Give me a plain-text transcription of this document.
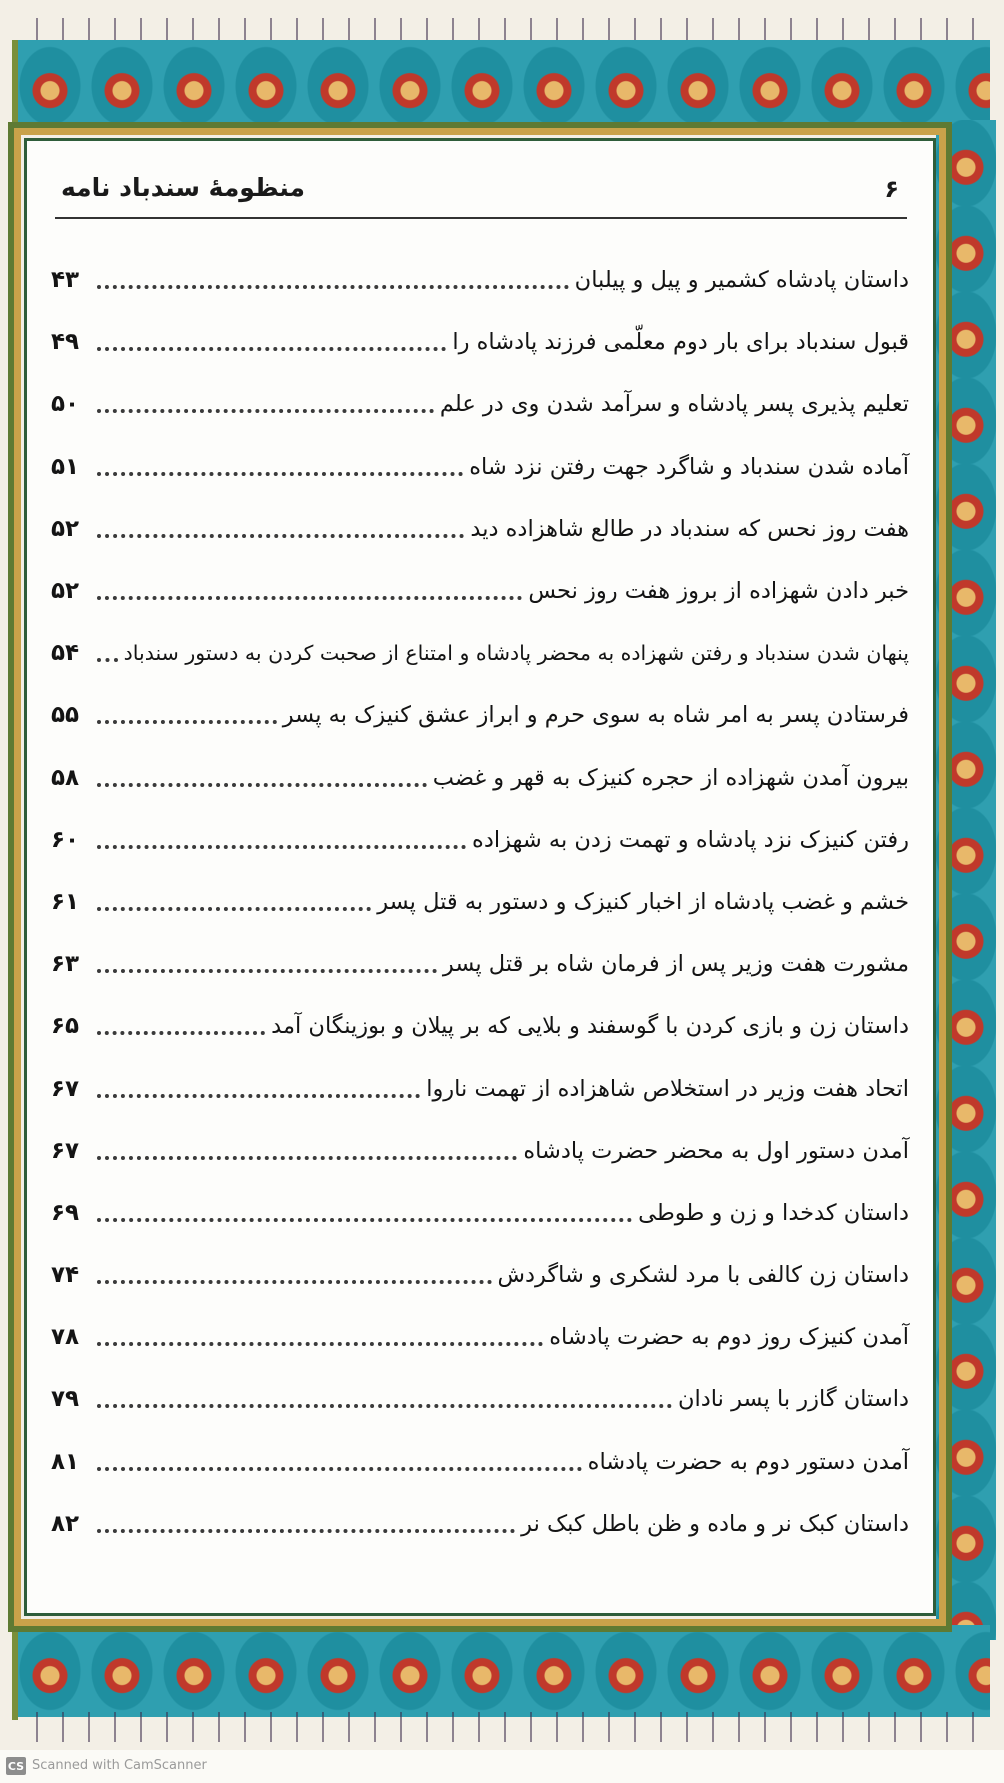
۶
منظومهٔ سندباد نامه
داستان پادشاه کشمیر و پیل و پیلبان
۴۳
قبول سندباد برای بار دوم معلّمی فرزند پادشاه را
۴۹
تعلیم پذیری پسر پادشاه و سرآمد شدن وی در علم
۵۰
آماده شدن سندباد و شاگرد جهت رفتن نزد شاه
۵۱
هفت روز نحس که سندباد در طالع شاهزاده دید
۵۲
خبر دادن شهزاده از بروز هفت روز نحس
۵۲
پنهان شدن سندباد و رفتن شهزاده به محضر پادشاه و امتناع از صحبت کردن به دستور سندباد
۵۴
فرستادن پسر به امر شاه به سوی حرم و ابراز عشق کنیزک به پسر
۵۵
بیرون آمدن شهزاده از حجره کنیزک به قهر و غضب
۵۸
رفتن کنیزک نزد پادشاه و تهمت زدن به شهزاده
۶۰
خشم و غضب پادشاه از اخبار کنیزک و دستور به قتل پسر
۶۱
مشورت هفت وزیر پس از فرمان شاه بر قتل پسر
۶۳
داستان زن و بازی کردن با گوسفند و بلایی که بر پیلان و بوزینگان آمد
۶۵
اتحاد هفت وزیر در استخلاص شاهزاده از تهمت ناروا
۶۷
آمدن دستور اول به محضر حضرت پادشاه
۶۷
داستان کدخدا و زن و طوطی
۶۹
داستان زن کالفی با مرد لشکری و شاگردش
۷۴
آمدن کنیزک روز دوم به حضرت پادشاه
۷۸
داستان گازر با پسر نادان
۷۹
آمدن دستور دوم به حضرت پادشاه
۸۱
داستان کبک نر و ماده و ظن باطل کبک نر
۸۲
CS Scanned with CamScanner
